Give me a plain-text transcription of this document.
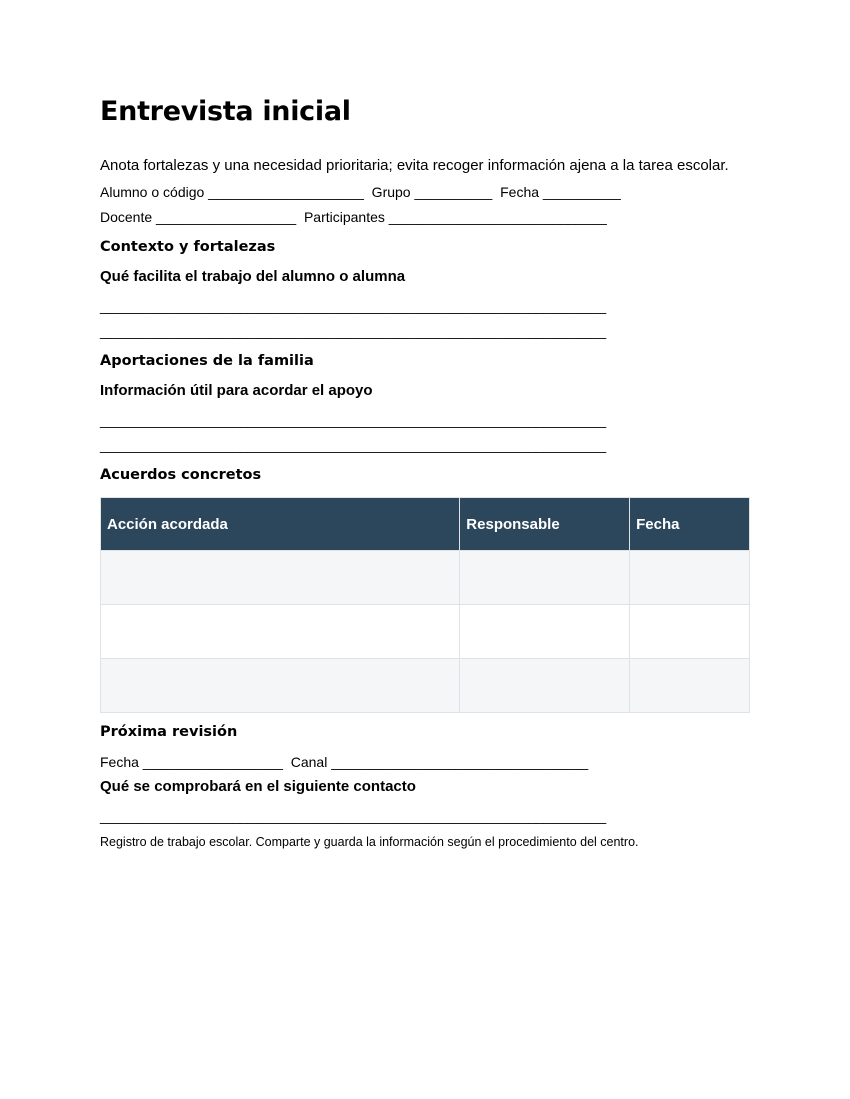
Entrevista inicial

Anota fortalezas y una necesidad prioritaria; evita recoger información ajena a la tarea escolar.

Alumno o código ____________________  Grupo __________  Fecha __________

Docente __________________  Participantes ____________________________

Contexto y fortalezas

Qué facilita el trabajo del alumno o alumna

_________________________________________________________________

_________________________________________________________________

Aportaciones de la familia

Información útil para acordar el apoyo

_________________________________________________________________

_________________________________________________________________

Acuerdos concretos
Acción acordada	Responsable	Fecha

Próxima revisión

Fecha __________________  Canal _________________________________

Qué se comprobará en el siguiente contacto

_________________________________________________________________

Registro de trabajo escolar. Comparte y guarda la información según el procedimiento del centro.
